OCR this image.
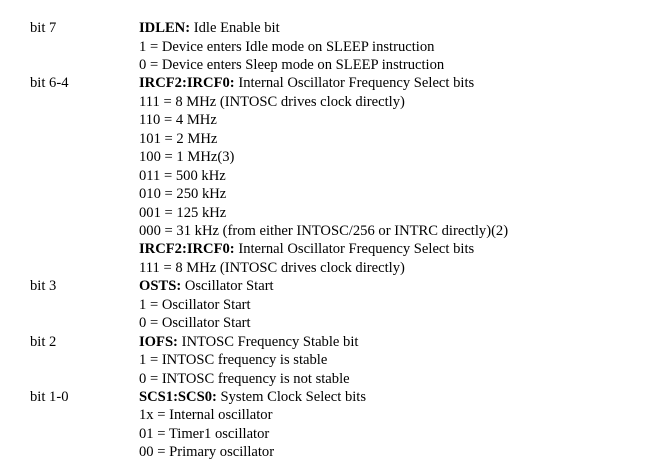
bit 7	IDLEN: Idle Enable bit
1 = Device enters Idle mode on SLEEP instruction
0 = Device enters Sleep mode on SLEEP instruction
bit 6-4	IRCF2:IRCF0: Internal Oscillator Frequency Select bits
111 = 8 MHz (INTOSC drives clock directly)
110 = 4 MHz
101 = 2 MHz
100 = 1 MHz(3)
011 = 500 kHz
010 = 250 kHz
001 = 125 kHz
000 = 31 kHz (from either INTOSC/256 or INTRC directly)(2)
IRCF2:IRCF0: Internal Oscillator Frequency Select bits
111 = 8 MHz (INTOSC drives clock directly)
bit 3	OSTS: Oscillator Start
1 = Oscillator Start
0 = Oscillator Start
bit 2	IOFS: INTOSC Frequency Stable bit
1 = INTOSC frequency is stable
0 = INTOSC frequency is not stable
bit 1-0	SCS1:SCS0: System Clock Select bits
1x = Internal oscillator
01 = Timer1 oscillator
00 = Primary oscillator
